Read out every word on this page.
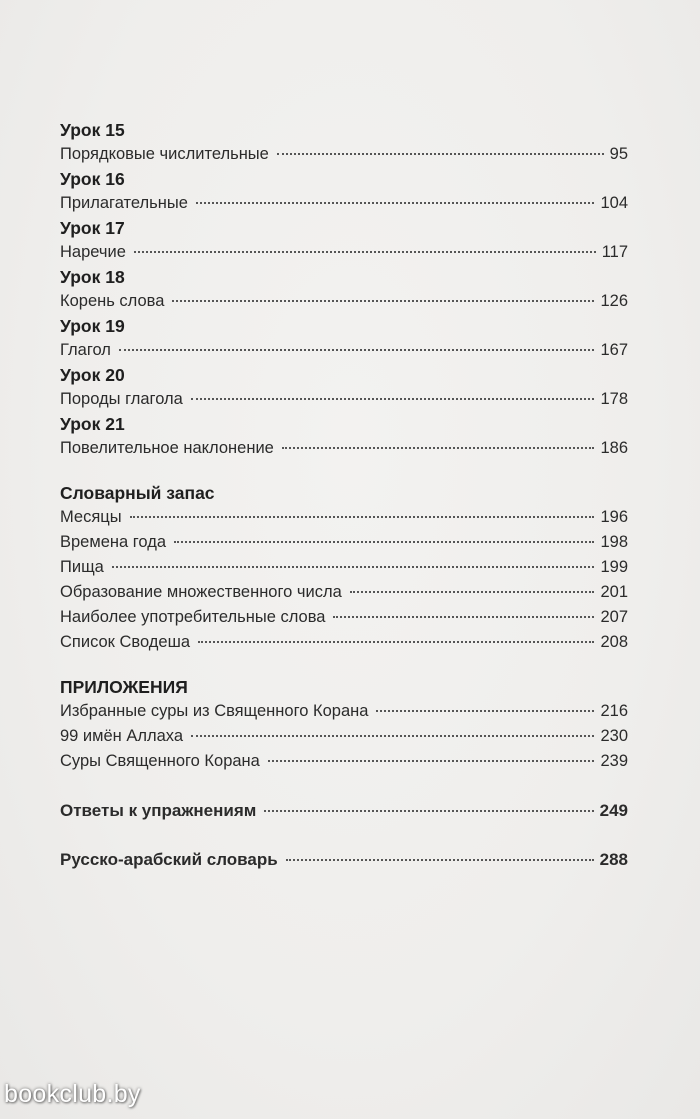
Урок 15
Порядковые числительные	95
Урок 16
Прилагательные	104
Урок 17
Наречие	117
Урок 18
Корень слова	126
Урок 19
Глагол	167
Урок 20
Породы глагола	178
Урок 21
Повелительное наклонение	186
Словарный запас
Месяцы	196
Времена года	198
Пища	199
Образование множественного числа	201
Наиболее употребительные слова	207
Список Сводеша	208
ПРИЛОЖЕНИЯ
Избранные суры из Священного Корана	216
99 имён Аллаха	230
Суры Священного Корана	239
Ответы к упражнениям	249
Русско-арабский словарь	288
bookclub.by
